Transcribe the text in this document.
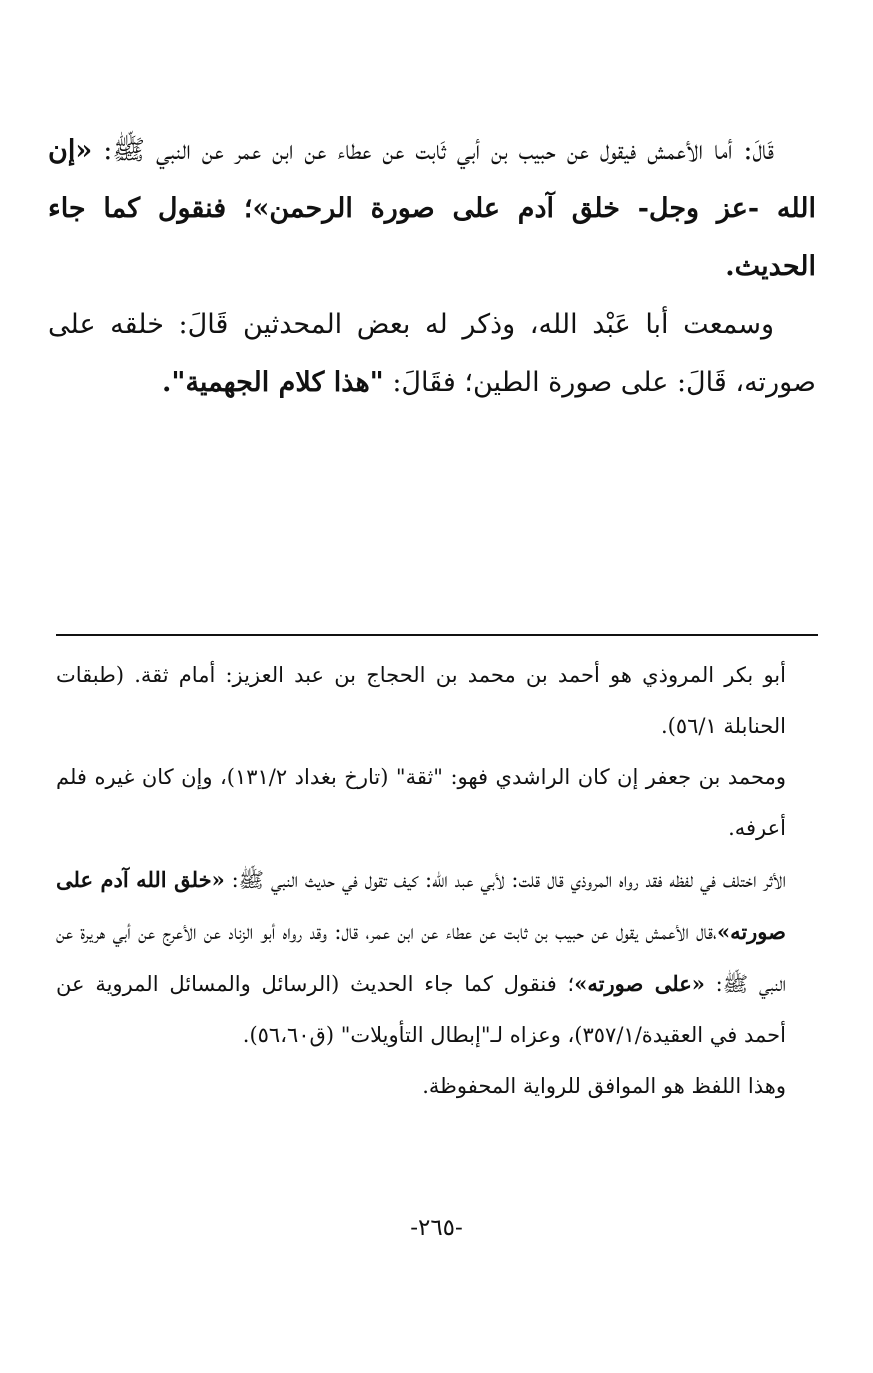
قَالَ: أما الأعمش فيقول عن حبيب بن أبي ثَابت عن عطاء عن ابن عمر عن النبي ﷺ: «إن الله -عز وجل- خلق آدم على صورة الرحمن»؛ فنقول كما جاء الحديث.

وسمعت أبا عَبْد الله، وذكر له بعض المحدثين قَالَ: خلقه على صورته، قَالَ: على صورة الطين؛ فقَالَ: "هذا كلام الجهمية".

أبو بكر المروذي هو أحمد بن محمد بن الحجاج بن عبد العزيز: أمام ثقة. (طبقات الحنابلة ٥٦/١).

ومحمد بن جعفر إن كان الراشدي فهو: "ثقة" (تارخ بغداد ١٣١/٢)، وإن كان غيره فلم أعرفه.

الأثر اختلف في لفظه فقد رواه المروذي قال قلت: لأبي عبد الله: كيف تقول في حديث النبي ﷺ: «خلق الله آدم على صورته»،قال الأعمش يقول عن حبيب بن ثابت عن عطاء عن ابن عمر، قال: وقد رواه أبو الزناد عن الأعرج عن أبي هريرة عن النبي ﷺ: «على صورته»؛ فنقول كما جاء الحديث (الرسائل والمسائل المروية عن أحمد في العقيدة/٣٥٧/١)، وعزاه لـ"إبطال التأويلات" (ق٥٦،٦٠).

وهذا اللفظ هو الموافق للرواية المحفوظة.

-٢٦٥-
